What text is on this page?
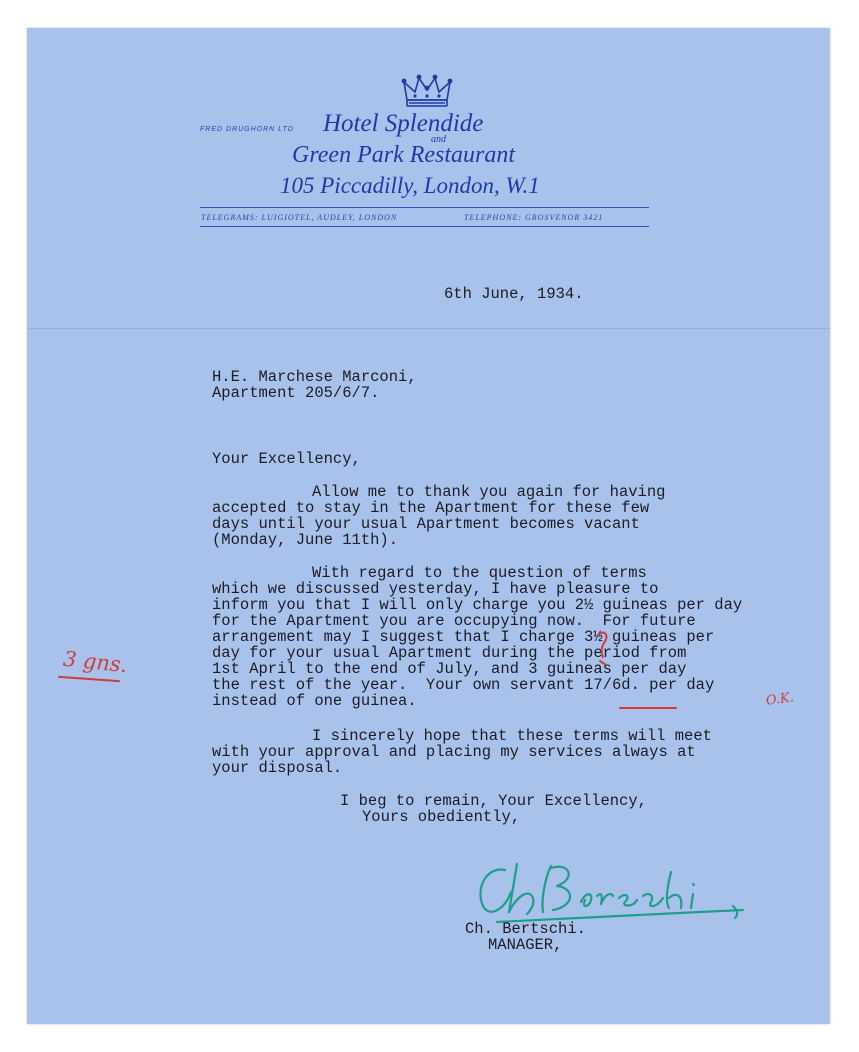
FRED DRUGHORN LTD Hotel Splendide
and
Green Park Restaurant
105 Piccadilly, London, W.1
TELEGRAMS: LUIGIOTEL, AUDLEY, LONDON	TELEPHONE: GROSVENOR 3421
6th June, 1934.
H.E. Marchese Marconi,
Apartment 205/6/7.
Your Excellency,
Allow me to thank you again for having
accepted to stay in the Apartment for these few
days until your usual Apartment becomes vacant
(Monday, June 11th).
With regard to the question of terms
which we discussed yesterday, I have pleasure to
inform you that I will only charge you 2½ guineas per day
for the Apartment you are occupying now.  For future
arrangement may I suggest that I charge 3½ guineas per
day for your usual Apartment during the period from
1st April to the end of July, and 3 guineas per day
the rest of the year.  Your own servant 17/6d. per day
instead of one guinea.
I sincerely hope that these terms will meet
with your approval and placing my services always at
your disposal.
I beg to remain, Your Excellency,
Yours obediently,
Ch. Bertschi.
MANAGER,
3 gns.
O.K.
